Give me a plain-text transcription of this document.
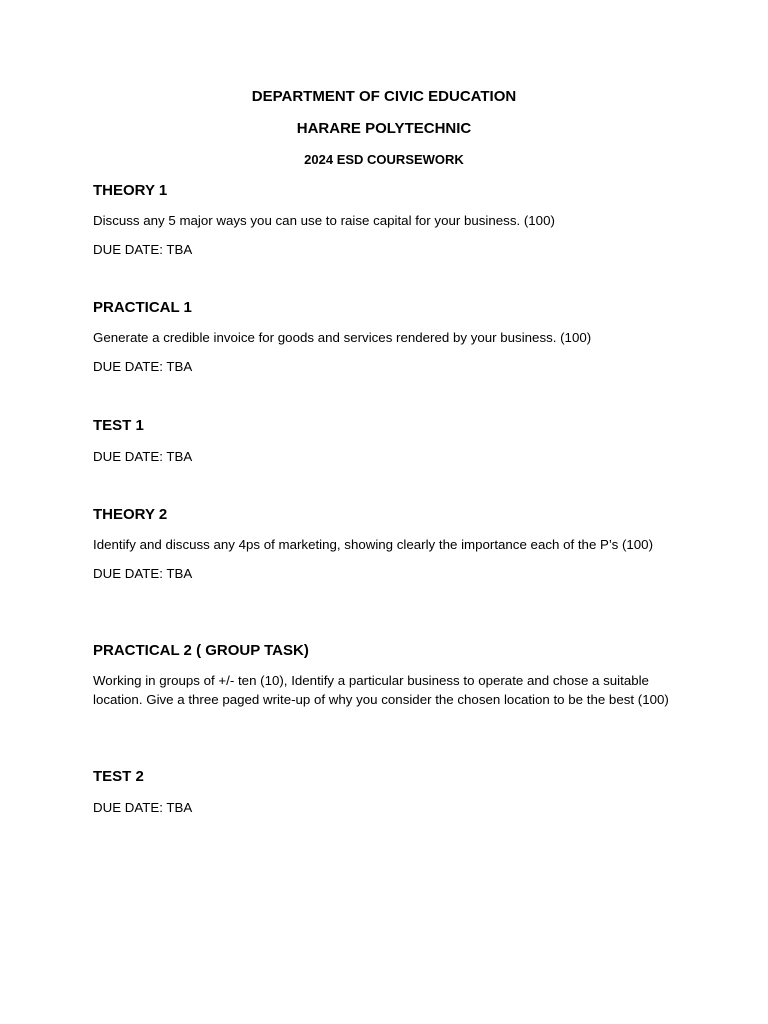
DEPARTMENT OF CIVIC EDUCATION
HARARE POLYTECHNIC
2024 ESD COURSEWORK

THEORY 1

Discuss any 5 major ways you can use to raise capital for your business. (100)

DUE DATE: TBA

PRACTICAL 1

Generate a credible invoice for goods and services rendered by your business. (100)

DUE DATE: TBA

TEST 1

DUE DATE: TBA

THEORY 2

Identify and discuss any 4ps of marketing, showing clearly the importance each of the P’s (100)

DUE DATE: TBA

PRACTICAL 2 ( GROUP TASK)

Working in groups of +/- ten (10), Identify a particular business to operate and chose a suitable location. Give a three paged write-up of why you consider the chosen location to be the best (100)

TEST 2

DUE DATE: TBA
